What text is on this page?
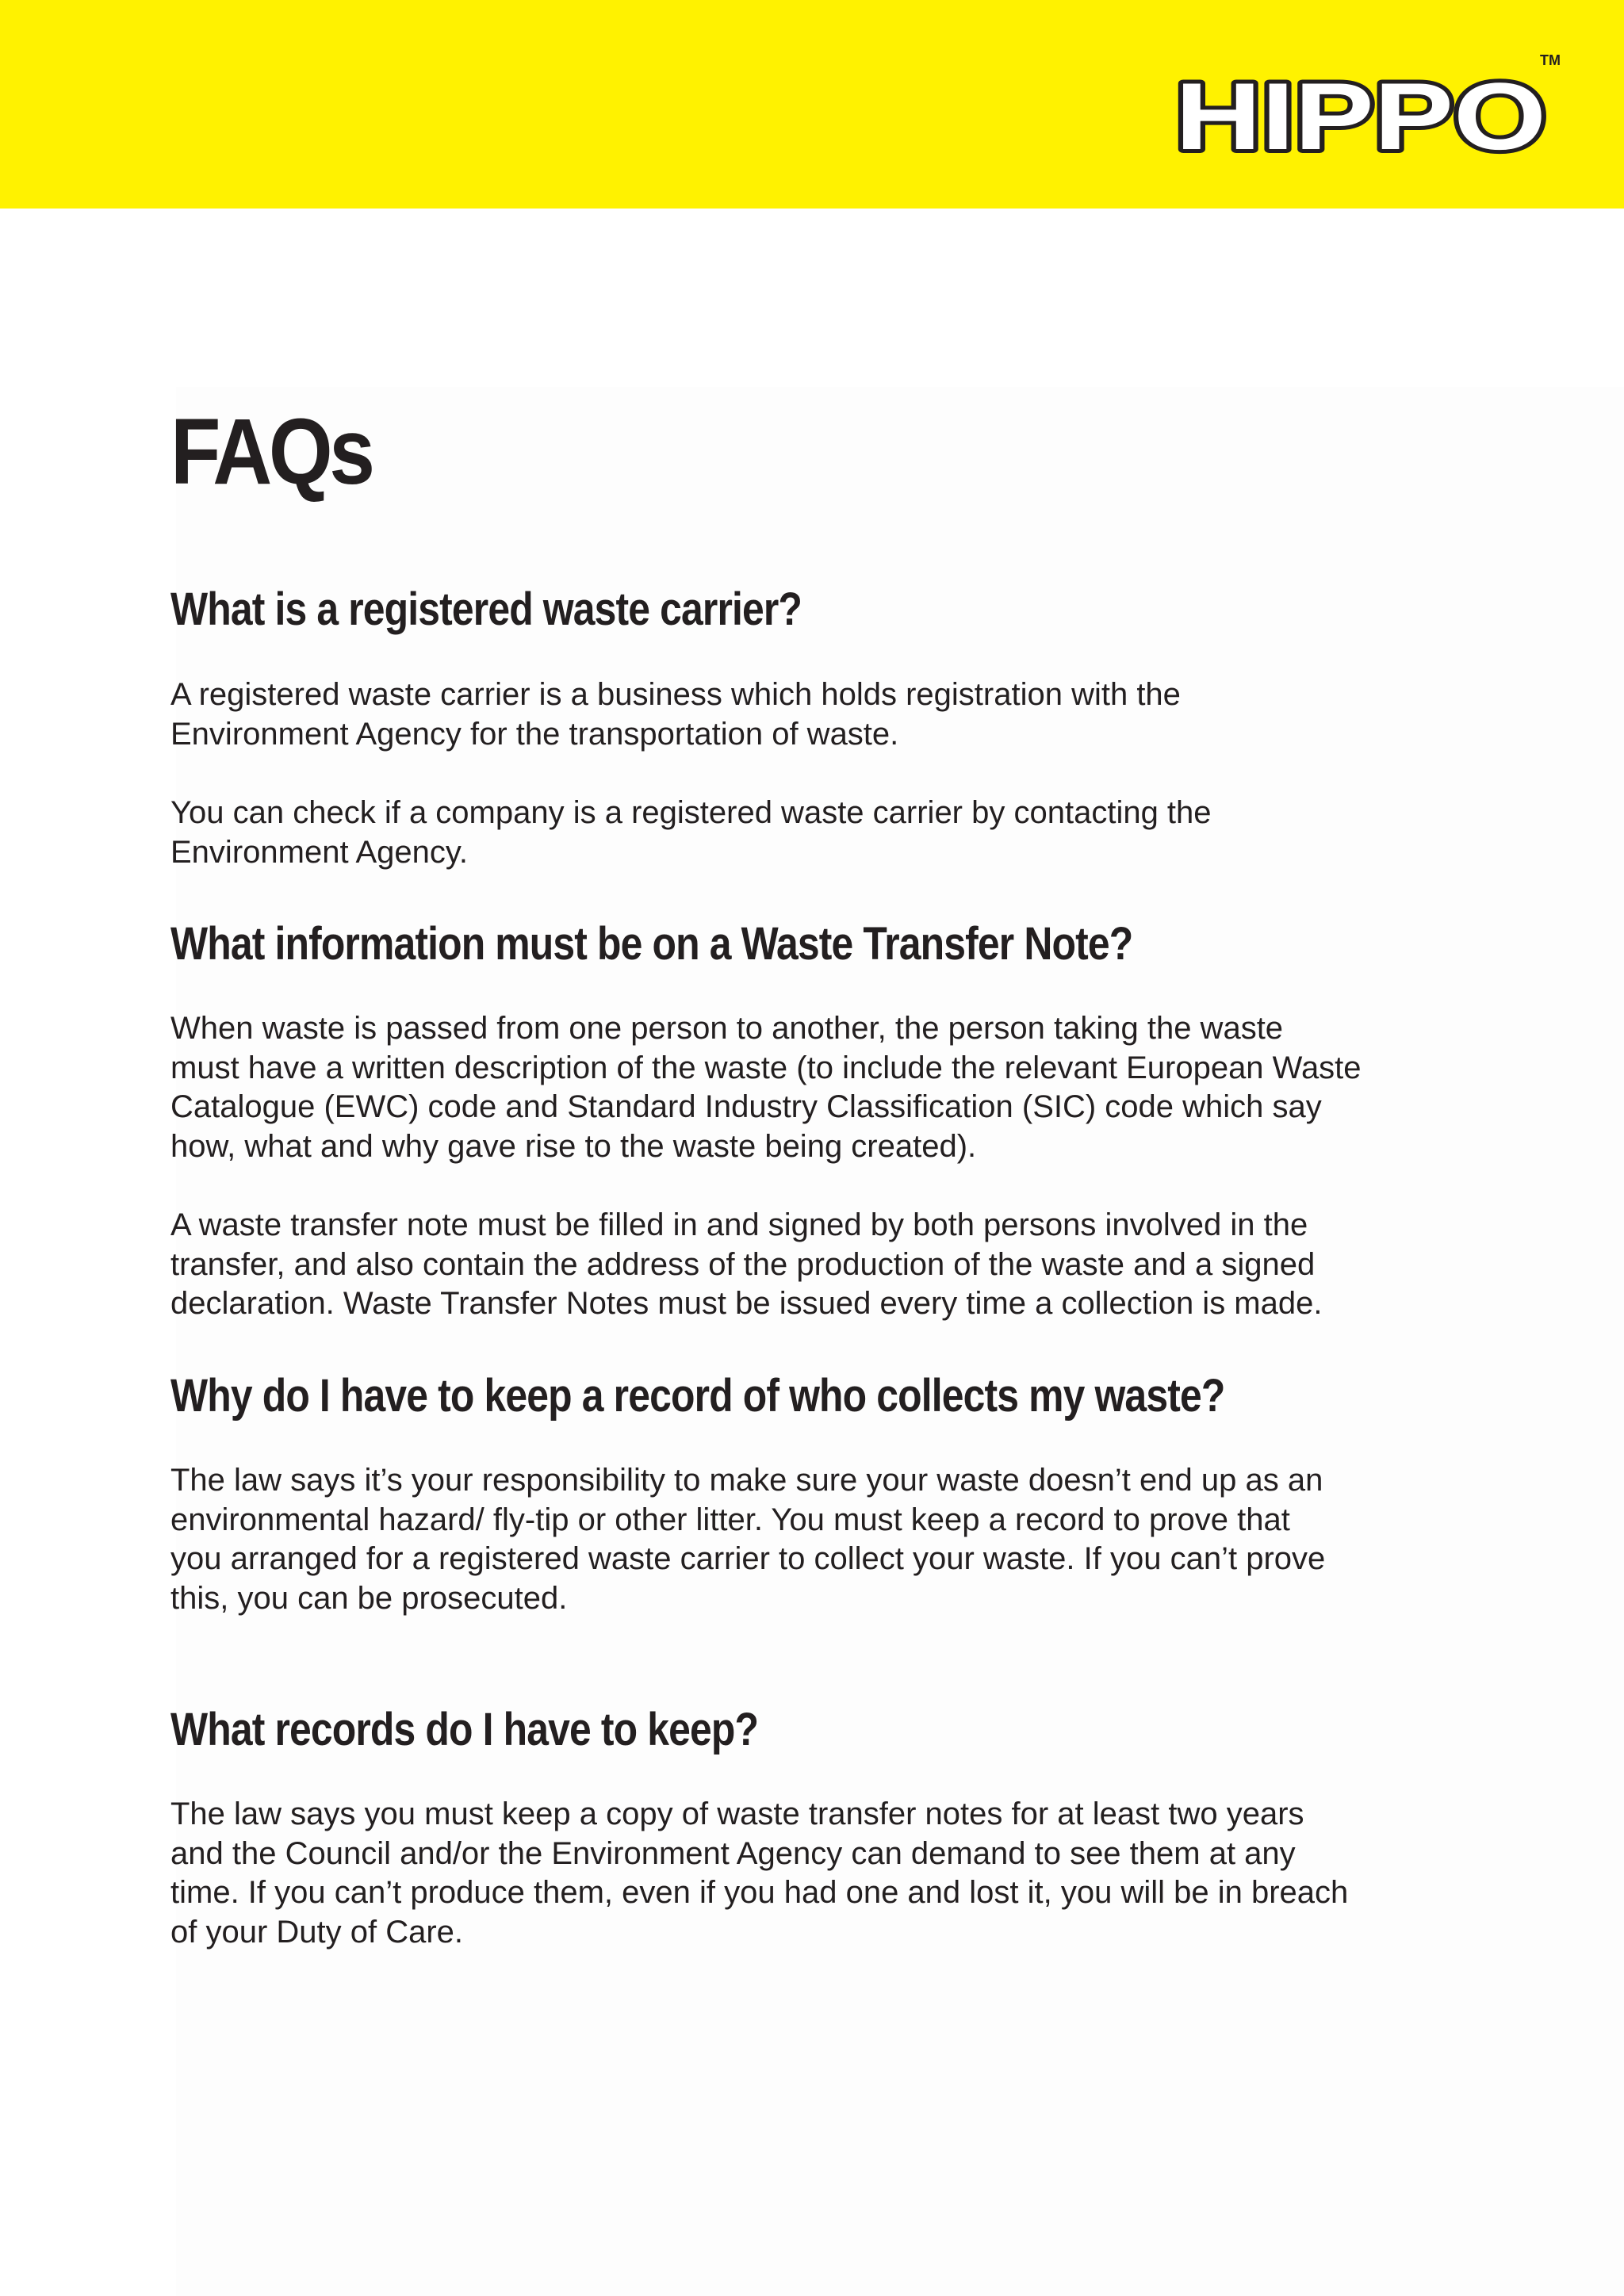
HIPPO
TM
FAQs
What is a registered waste carrier?

A registered waste carrier is a business which holds registration with the
Environment Agency for the transportation of waste.

You can check if a company is a registered waste carrier by contacting the
Environment Agency.

What information must be on a Waste Transfer Note?

When waste is passed from one person to another, the person taking the waste
must have a written description of the waste (to include the relevant European Waste
Catalogue (EWC) code and Standard Industry Classification (SIC) code which say
how, what and why gave rise to the waste being created).

A waste transfer note must be filled in and signed by both persons involved in the
transfer, and also contain the address of the production of the waste and a signed
declaration. Waste Transfer Notes must be issued every time a collection is made.

Why do I have to keep a record of who collects my waste?

The law says it’s your responsibility to make sure your waste doesn’t end up as an
environmental hazard/ fly-tip or other litter. You must keep a record to prove that
you arranged for a registered waste carrier to collect your waste. If you can’t prove
this, you can be prosecuted.

What records do I have to keep?

The law says you must keep a copy of waste transfer notes for at least two years
and the Council and/or the Environment Agency can demand to see them at any
time. If you can’t produce them, even if you had one and lost it, you will be in breach
of your Duty of Care.
